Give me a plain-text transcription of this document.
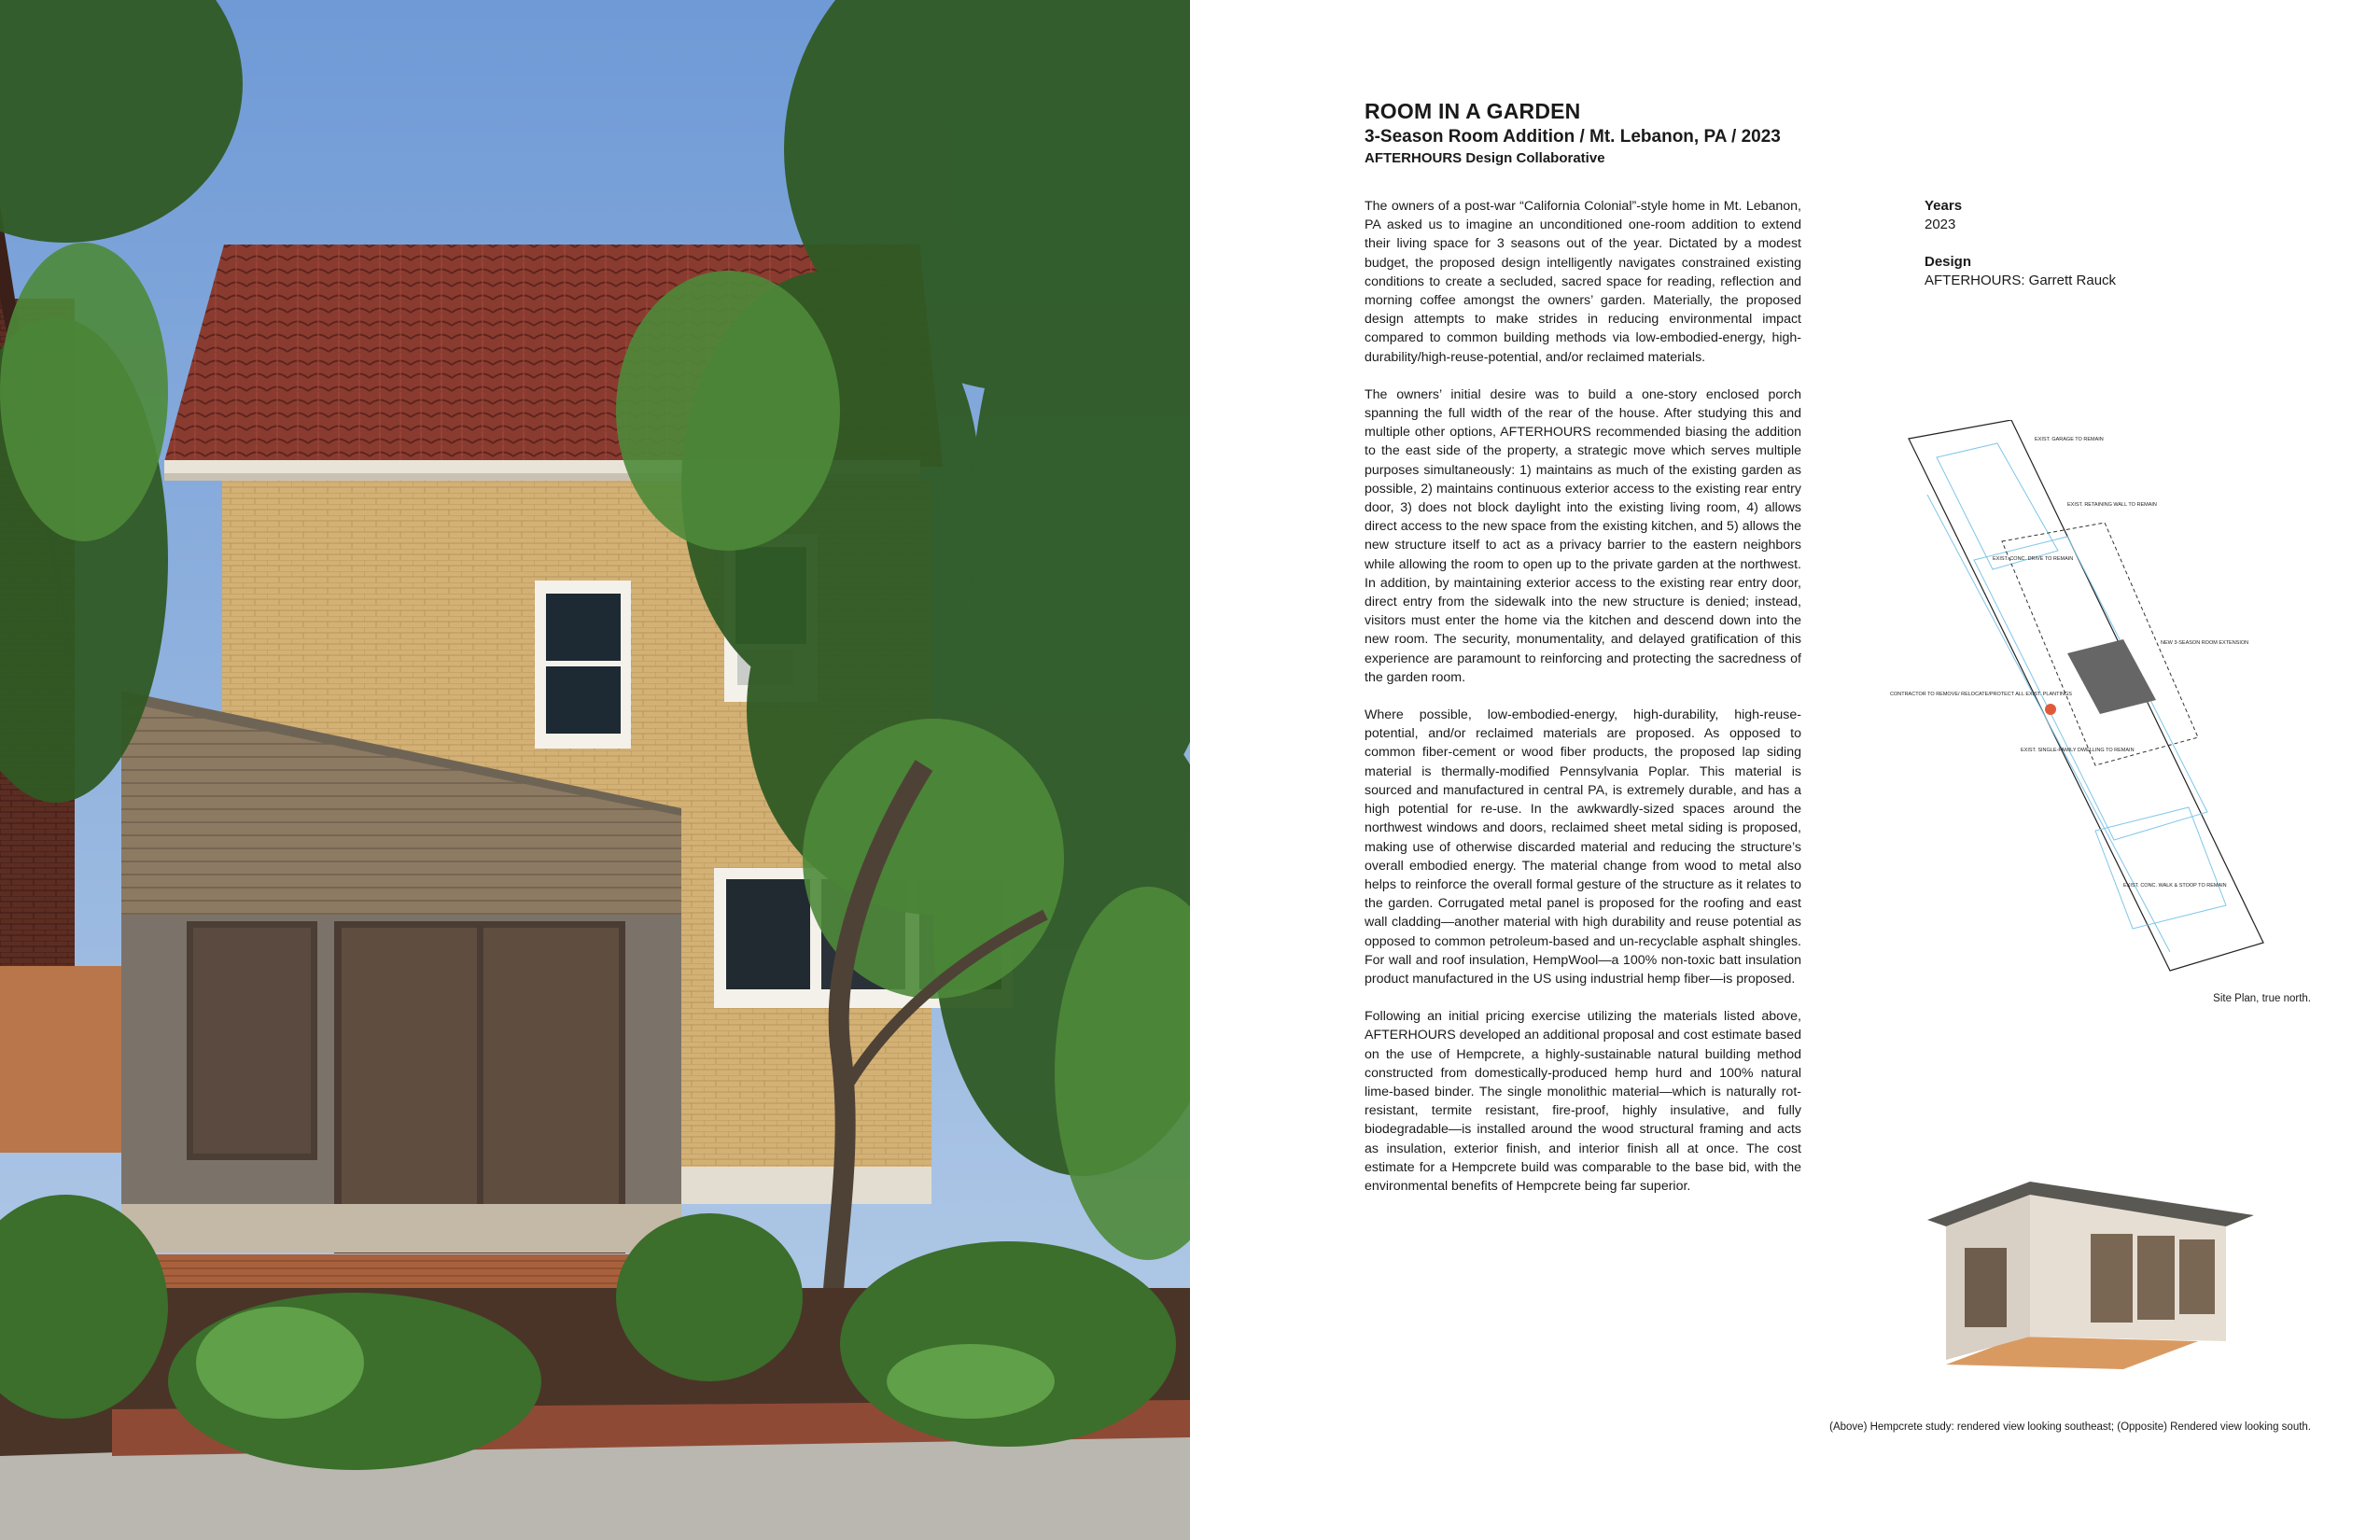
ROOM IN A GARDEN
3-Season Room Addition / Mt. Lebanon, PA / 2023
AFTERHOURS Design Collaborative

The owners of a post-war “California Colonial”-style home in Mt. Lebanon, PA asked us to imagine an unconditioned one-room addition to extend their living space for 3 seasons out of the year. Dictated by a modest budget, the proposed design intelligently navigates constrained existing conditions to create a secluded, sacred space for reading, reflection and morning coffee amongst the owners’ garden. Materially, the proposed design attempts to make strides in reducing environmental impact compared to common building methods via low-embodied-energy, high-durability/high-reuse-potential, and/or reclaimed materials.

The owners’ initial desire was to build a one-story enclosed porch spanning the full width of the rear of the house. After studying this and multiple other options, AFTERHOURS recommended biasing the addition to the east side of the property, a strategic move which serves multiple purposes simultaneously: 1) maintains as much of the existing garden as possible, 2) maintains continuous exterior access to the existing rear entry door, 3) does not block daylight into the existing living room, 4) allows direct access to the new space from the existing kitchen, and 5) allows the new structure itself to act as a privacy barrier to the eastern neighbors while allowing the room to open up to the private garden at the northwest. In addition, by maintaining exterior access to the existing rear entry door, direct entry from the sidewalk into the new structure is denied; instead, visitors must enter the home via the kitchen and descend down into the new room. The security, monumentality, and delayed gratification of this experience are paramount to reinforcing and protecting the sacredness of the garden room.

Where possible, low-embodied-energy, high-durability, high-reuse-potential, and/or reclaimed materials are proposed. As opposed to common fiber-cement or wood fiber products, the proposed lap siding material is thermally-modified Pennsylvania Poplar. This material is sourced and manufactured in central PA, is extremely durable, and has a high potential for re-use. In the awkwardly-sized spaces around the northwest windows and doors, reclaimed sheet metal siding is proposed, making use of otherwise discarded material and reducing the structure’s overall embodied energy. The material change from wood to metal also helps to reinforce the overall formal gesture of the structure as it relates to the garden. Corrugated metal panel is proposed for the roofing and east wall cladding—another material with high durability and reuse potential as opposed to common petroleum-based and un-recyclable asphalt shingles. For wall and roof insulation, HempWool—a 100% non-toxic batt insulation product manufactured in the US using industrial hemp fiber—is proposed.

Following an initial pricing exercise utilizing the materials listed above, AFTERHOURS developed an additional proposal and cost estimate based on the use of Hempcrete, a highly-sustainable natural building method constructed from domestically-produced hemp hurd and 100% natural lime-based binder. The single monolithic material—which is naturally rot-resistant, termite resistant, fire-proof, highly insulative, and fully biodegradable—is installed around the wood structural framing and acts as insulation, exterior finish, and interior finish all at once. The cost estimate for a Hempcrete build was comparable to the base bid, with the environmental benefits of Hempcrete being far superior.

Years
2023
Design
AFTERHOURS: Garrett Rauck
EXIST. GARAGE TO REMAIN
EXIST. RETAINING WALL TO REMAIN
EXIST. CONC. DRIVE TO REMAIN
NEW 3-SEASON ROOM EXTENSION
CONTRACTOR TO REMOVE/ RELOCATE/PROTECT ALL EXIST. PLANTINGS
EXIST. SINGLE-FAMILY DWELLING TO REMAIN
EXIST. CONC. WALK & STOOP TO REMAIN
Site Plan, true north.
(Above) Hempcrete study: rendered view looking southeast; (Opposite) Rendered view looking south.
